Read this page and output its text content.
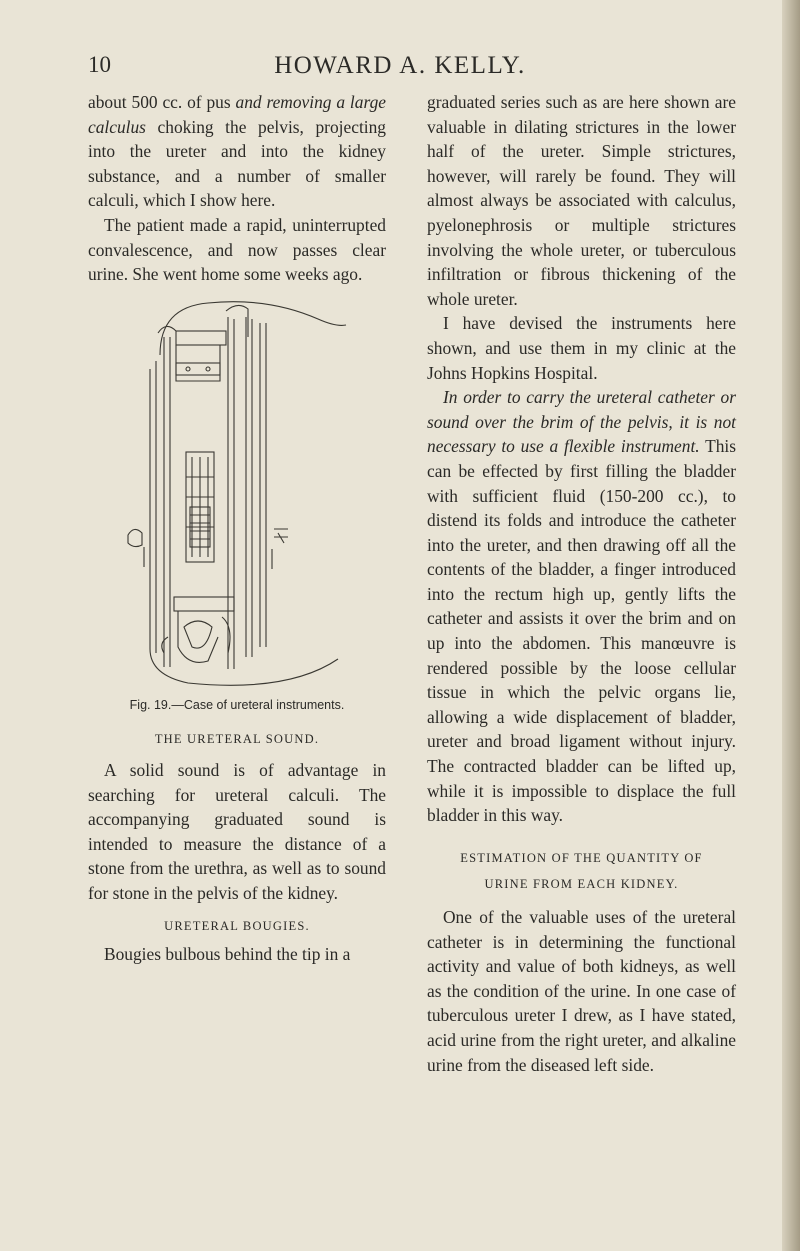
10	HOWARD A. KELLY.

about 500 cc. of pus and removing a large calculus choking the pelvis, projecting into the ureter and into the kidney substance, and a number of smaller calculi, which I show here.

The patient made a rapid, uninterrupted convalescence, and now passes clear urine. She went home some weeks ago.

Fig. 19.—Case of ureteral instruments.

THE URETERAL SOUND.

A solid sound is of advantage in searching for ureteral calculi. The accompanying graduated sound is intended to measure the distance of a stone from the urethra, as well as to sound for stone in the pelvis of the kidney.

URETERAL BOUGIES.

Bougies bulbous behind the tip in a

graduated series such as are here shown are valuable in dilating strictures in the lower half of the ureter. Simple strictures, however, will rarely be found. They will almost always be associated with calculus, pyelonephrosis or multiple strictures involving the whole ureter, or tuberculous infiltration or fibrous thickening of the whole ureter.

I have devised the instruments here shown, and use them in my clinic at the Johns Hopkins Hospital.

In order to carry the ureteral catheter or sound over the brim of the pelvis, it is not necessary to use a flexible instrument. This can be effected by first filling the bladder with sufficient fluid (150-200 cc.), to distend its folds and introduce the catheter into the ureter, and then drawing off all the contents of the bladder, a finger introduced into the rectum high up, gently lifts the catheter and assists it over the brim and on up into the abdomen. This manœuvre is rendered possible by the loose cellular tissue in which the pelvic organs lie, allowing a wide displacement of bladder, ureter and broad ligament without injury. The contracted bladder can be lifted up, while it is impossible to displace the full bladder in this way.

ESTIMATION OF THE QUANTITY OF

URINE FROM EACH KIDNEY.

One of the valuable uses of the ureteral catheter is in determining the functional activity and value of both kidneys, as well as the condition of the urine. In one case of tuberculous ureter I drew, as I have stated, acid urine from the right ureter, and alkaline urine from the diseased left side.
